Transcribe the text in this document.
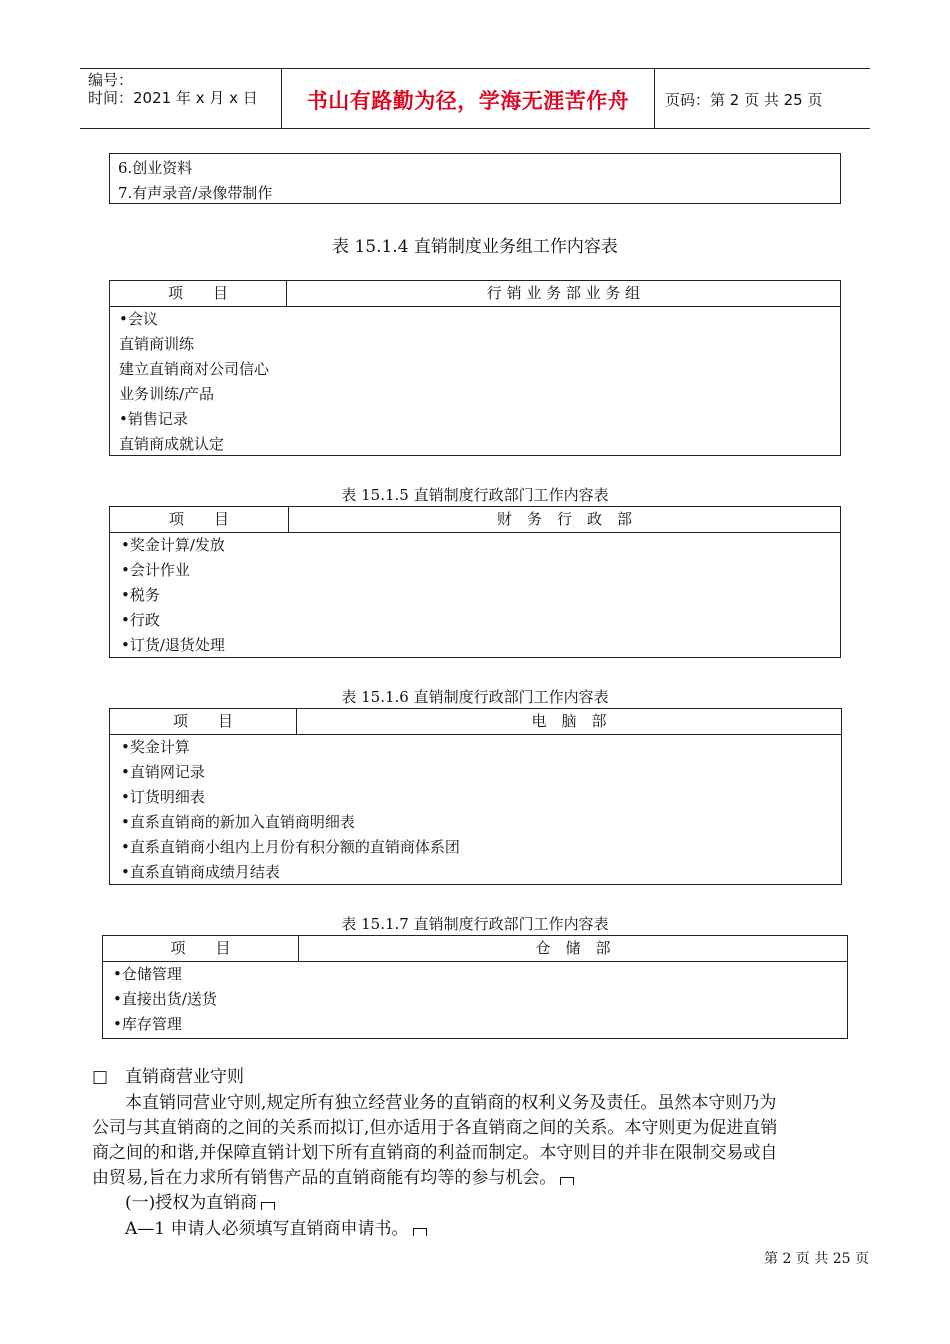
编号：
时间：2021 年 x 月 x 日	书山有路勤为径，学海无涯苦作舟	页码：第 2 页 共 25 页
6.创业资料
7.有声录音/录像带制作
表 15.1.4 直销制度业务组工作内容表
项　　目	行 销 业 务 部 业 务 组
•会议
直销商训练
建立直销商对公司信心
业务训练/产品
•销售记录
直销商成就认定
表 15.1.5 直销制度行政部门工作内容表
项　　目	财　务　行　政　部
•奖金计算/发放
•会计作业
•税务
•行政
•订货/退货处理
表 15.1.6 直销制度行政部门工作内容表
项　　目	电　脑　部
•奖金计算
•直销网记录
•订货明细表
•直系直销商的新加入直销商明细表
•直系直销商小组内上月份有积分额的直销商体系团
•直系直销商成绩月结表
表 15.1.7 直销制度行政部门工作内容表
项　　目	仓　储　部
•仓储管理
•直接出货/送货
•库存管理
□　直销商营业守则
本直销同营业守则,规定所有独立经营业务的直销商的权利义务及责任。虽然本守则乃为
公司与其直销商的之间的关系而拟订,但亦适用于各直销商之间的关系。本守则更为促进直销
商之间的和谐,并保障直销计划下所有直销商的利益而制定。本守则目的并非在限制交易或自
由贸易,旨在力求所有销售产品的直销商能有均等的参与机会。
(一)授权为直销商
A—1 申请人必须填写直销商申请书。
第 2 页 共 25 页
